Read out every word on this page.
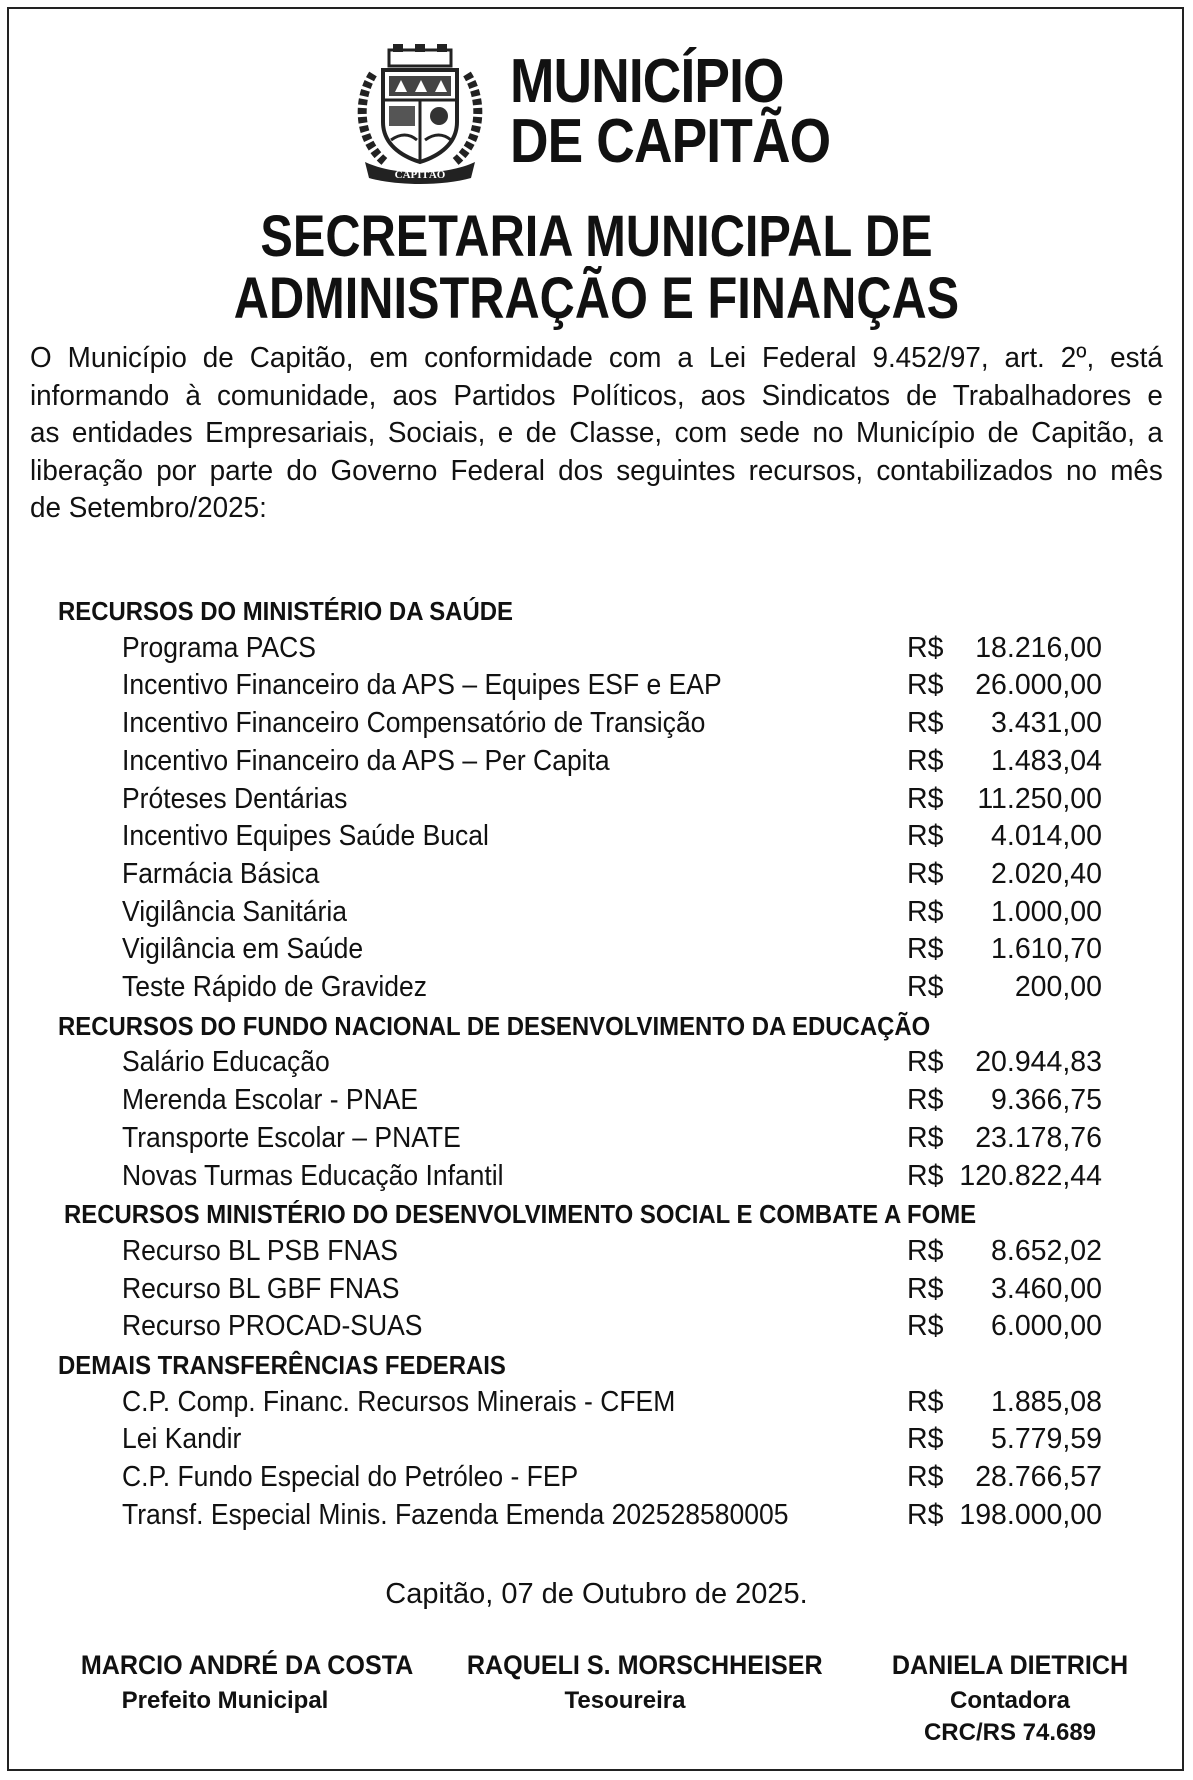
CAPITÃO
MUNICÍPIO
DE CAPITÃO
SECRETARIA MUNICIPAL DE
ADMINISTRAÇÃO E FINANÇAS
O Município de Capitão, em conformidade com a Lei Federal 9.452/97, art. 2º, está
informando à comunidade, aos Partidos Políticos, aos Sindicatos de Trabalhadores e
as entidades Empresariais, Sociais, e de Classe, com sede no Município de Capitão, a
liberação por parte do Governo Federal dos seguintes recursos, contabilizados no mês
de Setembro/2025:
RECURSOS DO MINISTÉRIO DA SAÚDE
Programa PACS	R$ 18.216,00
Incentivo Financeiro da APS – Equipes ESF e EAP	R$ 26.000,00
Incentivo Financeiro Compensatório de Transição	R$ 3.431,00
Incentivo Financeiro da APS – Per Capita	R$ 1.483,04
Próteses Dentárias	R$ 11.250,00
Incentivo Equipes Saúde Bucal	R$ 4.014,00
Farmácia Básica	R$ 2.020,40
Vigilância Sanitária	R$ 1.000,00
Vigilância em Saúde	R$ 1.610,70
Teste Rápido de Gravidez	R$	200,00
RECURSOS DO FUNDO NACIONAL DE DESENVOLVIMENTO DA EDUCAÇÃO
Salário Educação	R$ 20.944,83
Merenda Escolar - PNAE	R$ 9.366,75
Transporte Escolar – PNATE	R$ 23.178,76
Novas Turmas Educação Infantil	R$ 120.822,44
RECURSOS MINISTÉRIO DO DESENVOLVIMENTO SOCIAL E COMBATE A FOME
Recurso BL PSB FNAS	R$ 8.652,02
Recurso BL GBF FNAS	R$ 3.460,00
Recurso PROCAD-SUAS	R$ 6.000,00
DEMAIS TRANSFERÊNCIAS FEDERAIS
C.P. Comp. Financ. Recursos Minerais - CFEM	R$ 1.885,08
Lei Kandir	R$ 5.779,59
C.P. Fundo Especial do Petróleo - FEP	R$ 28.766,57
Transf. Especial Minis. Fazenda Emenda 202528580005	R$ 198.000,00
Capitão, 07 de Outubro de 2025.
MARCIO ANDRÉ DA COSTA
Prefeito Municipal
RAQUELI S. MORSCHHEISER
Tesoureira
DANIELA DIETRICH
Contadora
CRC/RS 74.689
